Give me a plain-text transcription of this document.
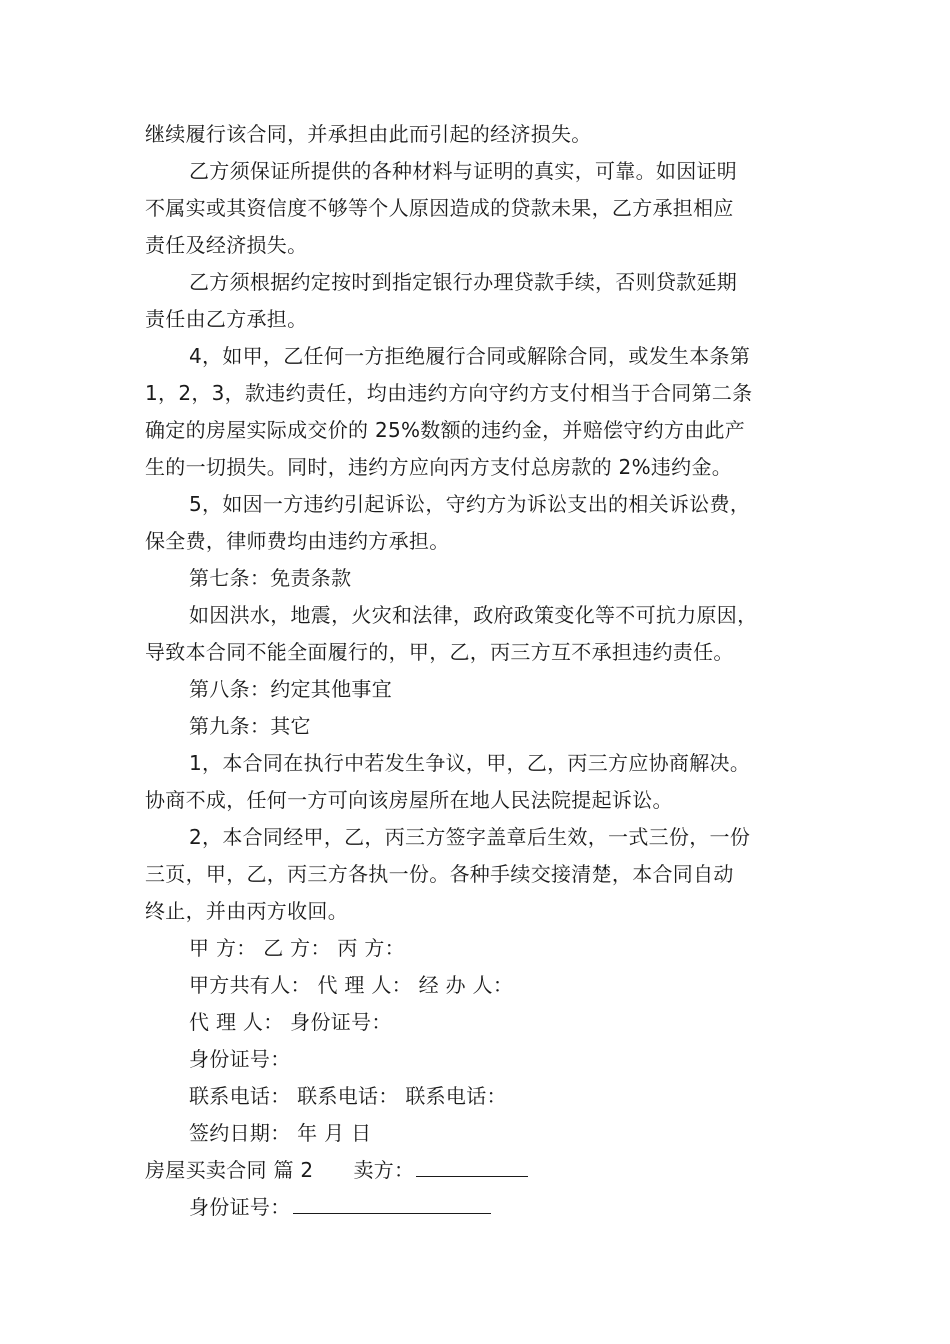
继续履行该合同，并承担由此而引起的经济损失。
乙方须保证所提供的各种材料与证明的真实，可靠。如因证明
不属实或其资信度不够等个人原因造成的贷款未果，乙方承担相应
责任及经济损失。
乙方须根据约定按时到指定银行办理贷款手续，否则贷款延期
责任由乙方承担。
4，如甲，乙任何一方拒绝履行合同或解除合同，或发生本条第
1，2，3，款违约责任，均由违约方向守约方支付相当于合同第二条
确定的房屋实际成交价的 25%数额的违约金，并赔偿守约方由此产
生的一切损失。同时，违约方应向丙方支付总房款的 2%违约金。
5，如因一方违约引起诉讼，守约方为诉讼支出的相关诉讼费，
保全费，律师费均由违约方承担。
第七条：免责条款
如因洪水，地震，火灾和法律，政府政策变化等不可抗力原因，
导致本合同不能全面履行的，甲，乙，丙三方互不承担违约责任。
第八条：约定其他事宜
第九条：其它
1，本合同在执行中若发生争议，甲，乙，丙三方应协商解决。
协商不成，任何一方可向该房屋所在地人民法院提起诉讼。
2，本合同经甲，乙，丙三方签字盖章后生效，一式三份，一份
三页，甲，乙，丙三方各执一份。各种手续交接清楚，本合同自动
终止，并由丙方收回。
甲 方： 乙 方： 丙 方：
甲方共有人： 代 理 人： 经 办 人：
代 理 人： 身份证号：
身份证号：
联系电话： 联系电话： 联系电话：
签约日期： 年 月 日
房屋买卖合同 篇 2 卖方：
身份证号：
